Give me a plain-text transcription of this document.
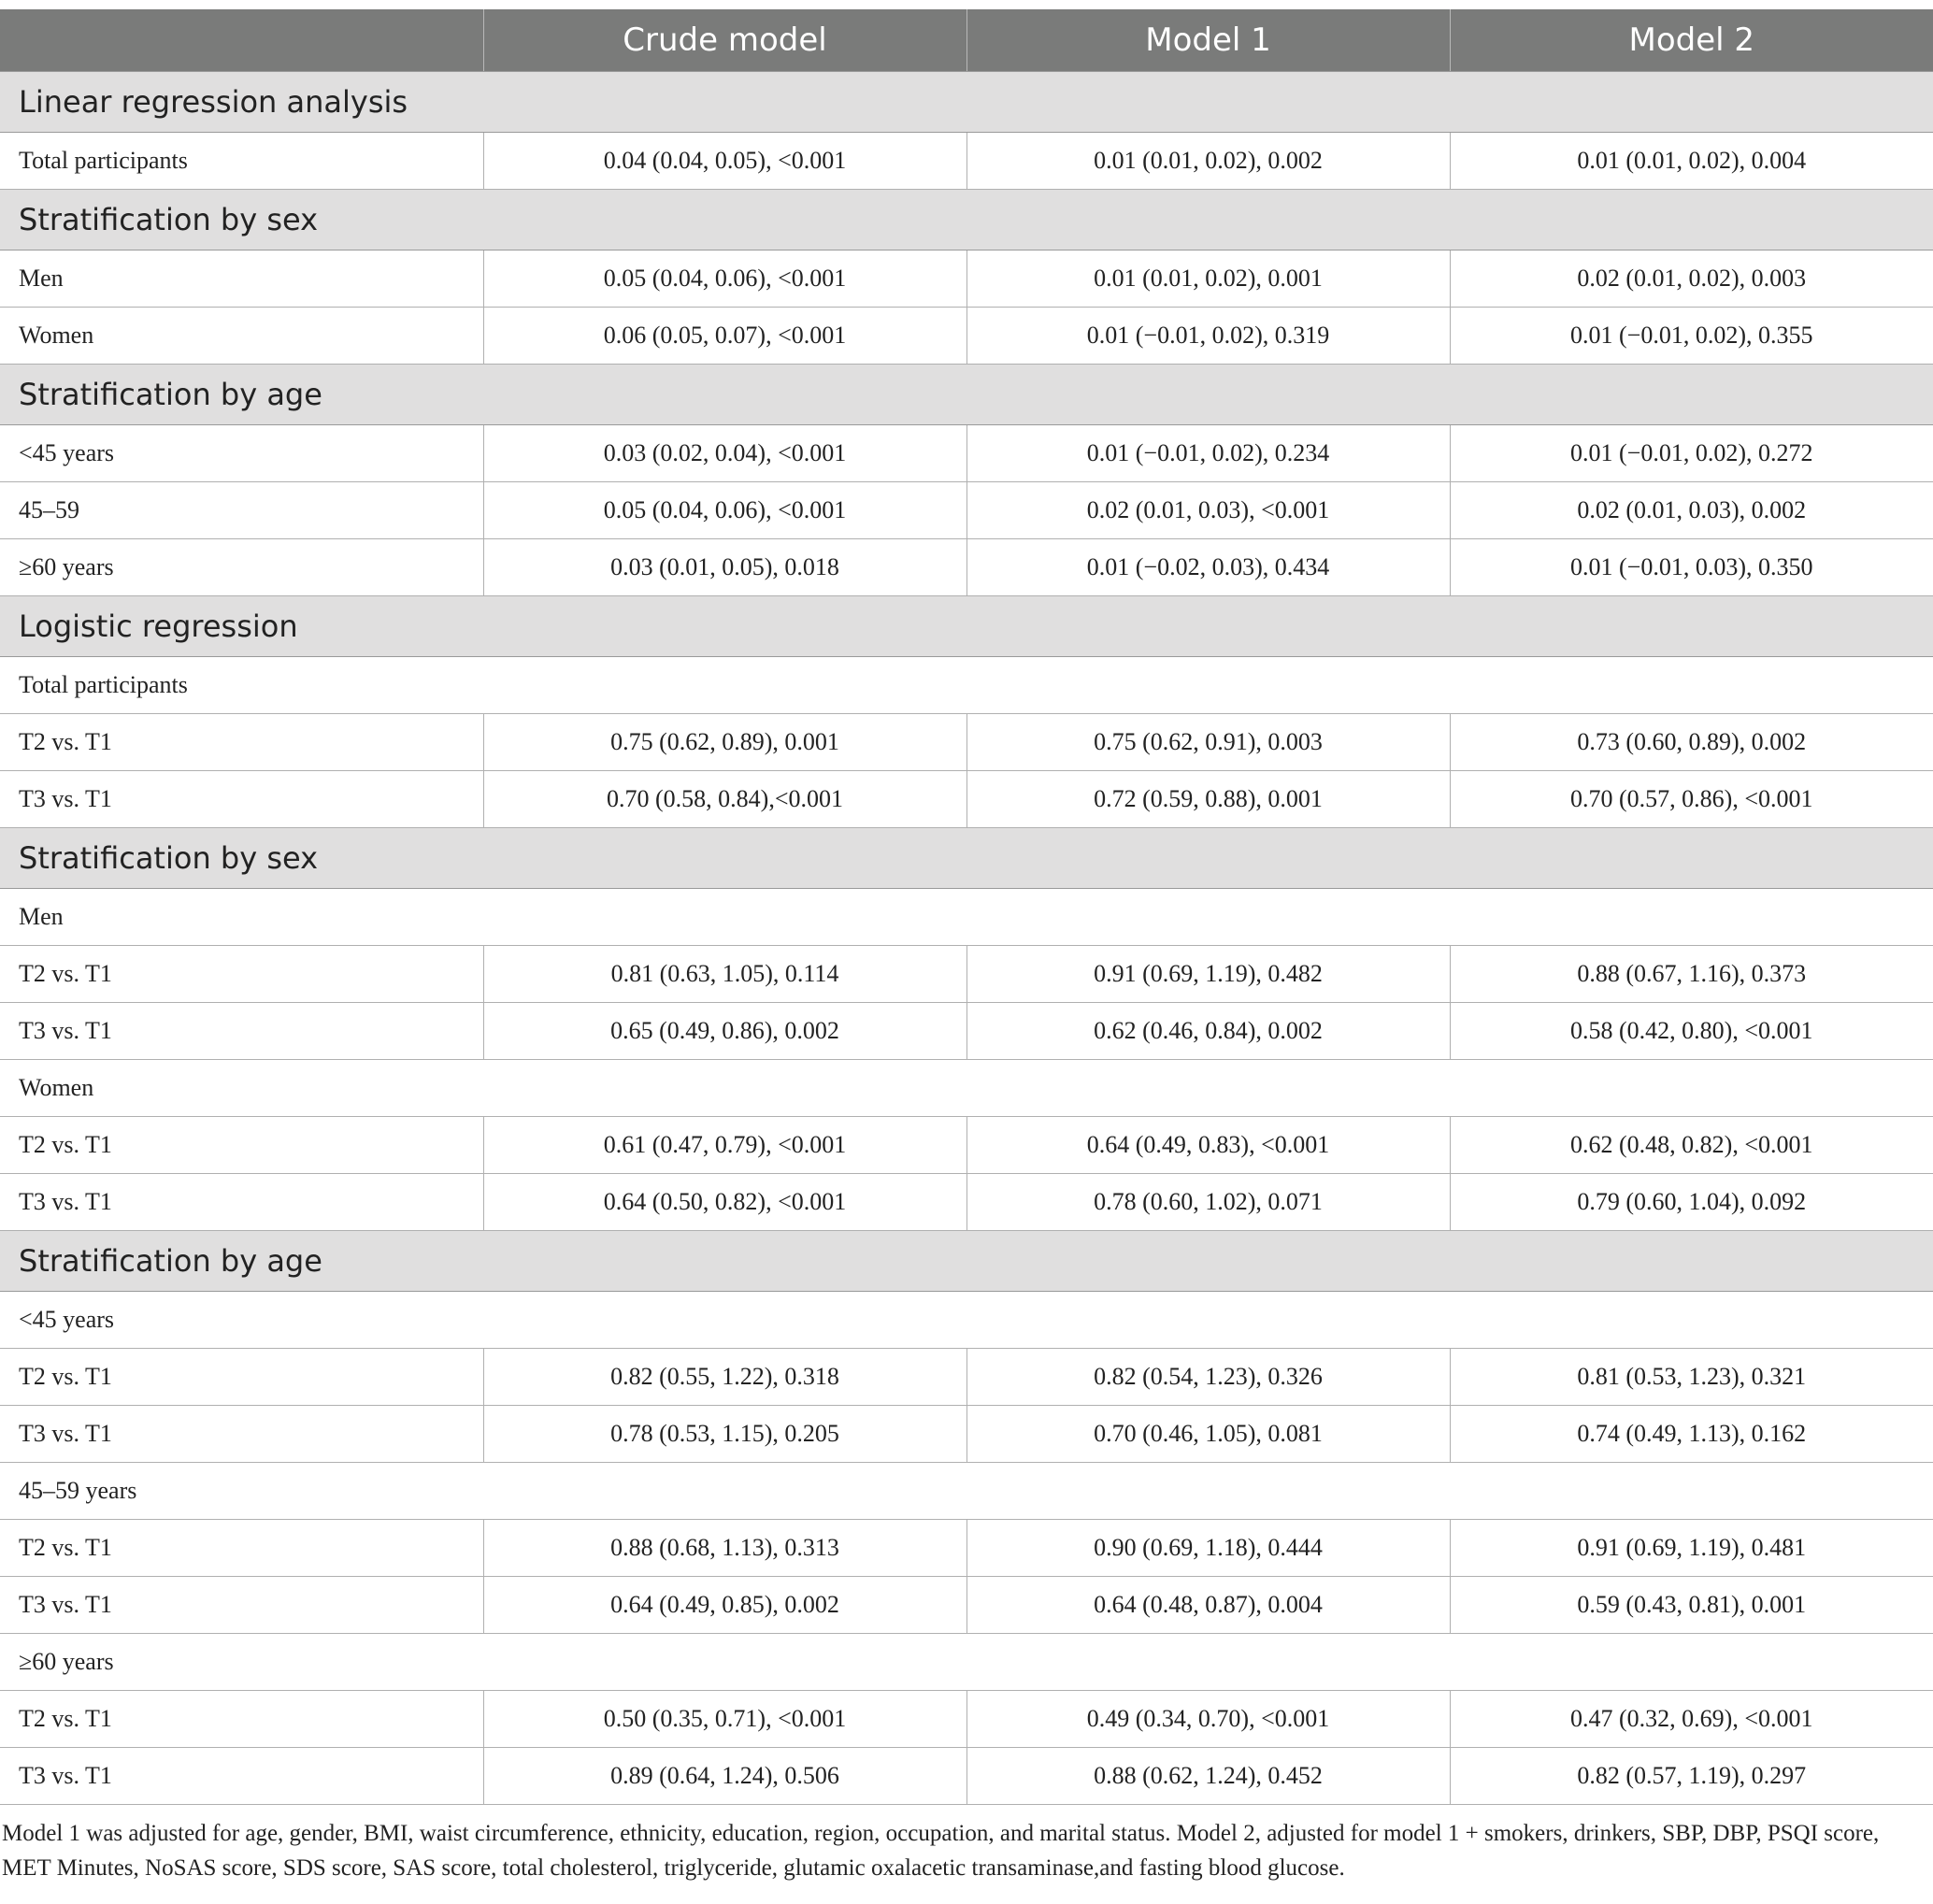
	Crude model	Model 1	Model 2
Linear regression analysis			
Total participants	0.04 (0.04, 0.05), <0.001	0.01 (0.01, 0.02), 0.002	0.01 (0.01, 0.02), 0.004
Stratification by sex			
Men	0.05 (0.04, 0.06), <0.001	0.01 (0.01, 0.02), 0.001	0.02 (0.01, 0.02), 0.003
Women	0.06 (0.05, 0.07), <0.001	0.01 (−0.01, 0.02), 0.319	0.01 (−0.01, 0.02), 0.355
Stratification by age			
<45 years	0.03 (0.02, 0.04), <0.001	0.01 (−0.01, 0.02), 0.234	0.01 (−0.01, 0.02), 0.272
45–59	0.05 (0.04, 0.06), <0.001	0.02 (0.01, 0.03), <0.001	0.02 (0.01, 0.03), 0.002
≥60 years	0.03 (0.01, 0.05), 0.018	0.01 (−0.02, 0.03), 0.434	0.01 (−0.01, 0.03), 0.350
Logistic regression			
Total participants			
T2 vs. T1	0.75 (0.62, 0.89), 0.001	0.75 (0.62, 0.91), 0.003	0.73 (0.60, 0.89), 0.002
T3 vs. T1	0.70 (0.58, 0.84),<0.001	0.72 (0.59, 0.88), 0.001	0.70 (0.57, 0.86), <0.001
Stratification by sex			
Men			
T2 vs. T1	0.81 (0.63, 1.05), 0.114	0.91 (0.69, 1.19), 0.482	0.88 (0.67, 1.16), 0.373
T3 vs. T1	0.65 (0.49, 0.86), 0.002	0.62 (0.46, 0.84), 0.002	0.58 (0.42, 0.80), <0.001
Women			
T2 vs. T1	0.61 (0.47, 0.79), <0.001	0.64 (0.49, 0.83), <0.001	0.62 (0.48, 0.82), <0.001
T3 vs. T1	0.64 (0.50, 0.82), <0.001	0.78 (0.60, 1.02), 0.071	0.79 (0.60, 1.04), 0.092
Stratification by age			
<45 years			
T2 vs. T1	0.82 (0.55, 1.22), 0.318	0.82 (0.54, 1.23), 0.326	0.81 (0.53, 1.23), 0.321
T3 vs. T1	0.78 (0.53, 1.15), 0.205	0.70 (0.46, 1.05), 0.081	0.74 (0.49, 1.13), 0.162
45–59 years			
T2 vs. T1	0.88 (0.68, 1.13), 0.313	0.90 (0.69, 1.18), 0.444	0.91 (0.69, 1.19), 0.481
T3 vs. T1	0.64 (0.49, 0.85), 0.002	0.64 (0.48, 0.87), 0.004	0.59 (0.43, 0.81), 0.001
≥60 years			
T2 vs. T1	0.50 (0.35, 0.71), <0.001	0.49 (0.34, 0.70), <0.001	0.47 (0.32, 0.69), <0.001
T3 vs. T1	0.89 (0.64, 1.24), 0.506	0.88 (0.62, 1.24), 0.452	0.82 (0.57, 1.19), 0.297
Model 1 was adjusted for age, gender, BMI, waist circumference, ethnicity, education, region, occupation, and marital status. Model 2, adjusted for model 1 + smokers, drinkers, SBP, DBP, PSQI score, MET Minutes, NoSAS score, SDS score, SAS score, total cholesterol, triglyceride, glutamic oxalacetic transaminase,and fasting blood glucose.
